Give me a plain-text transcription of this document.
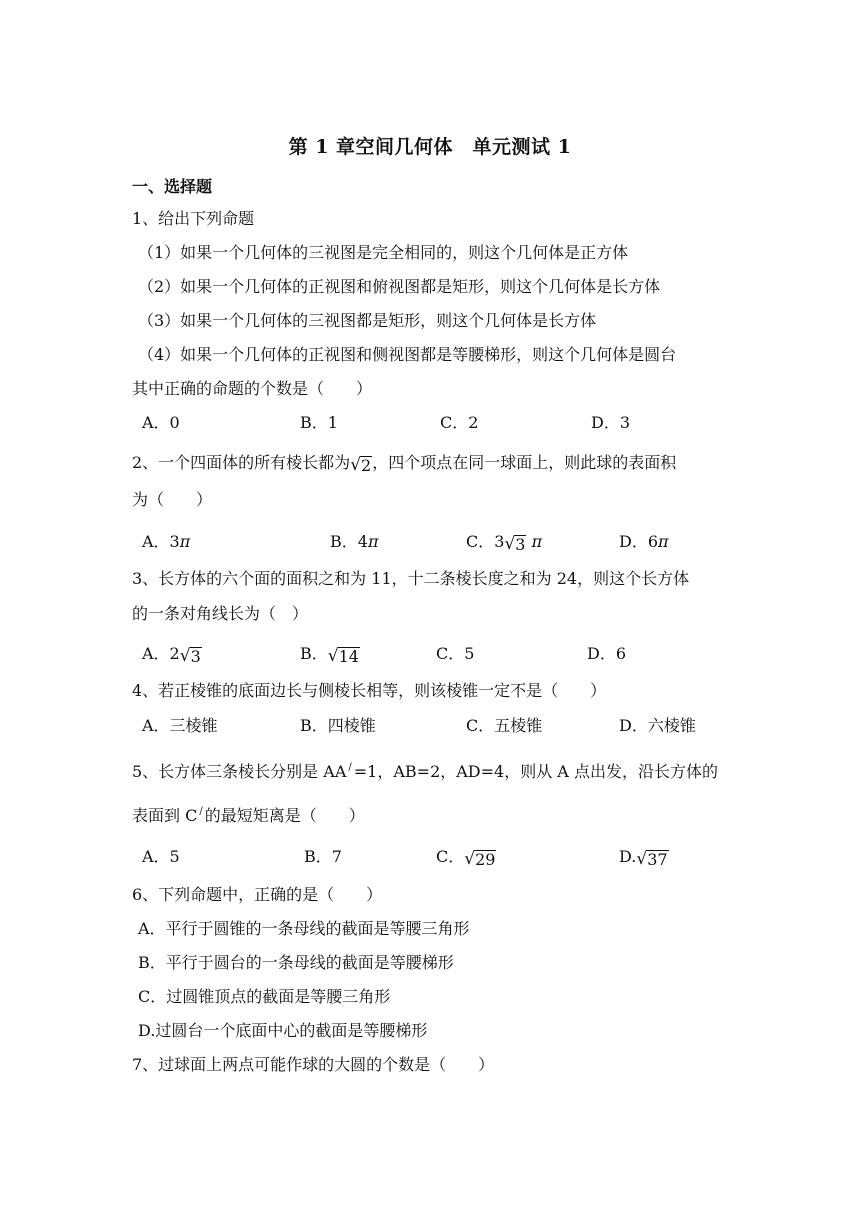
第 1 章空间几何体　单元测试 1
一、选择题
1、给出下列命题
（1）如果一个几何体的三视图是完全相同的，则这个几何体是正方体
（2）如果一个几何体的正视图和俯视图都是矩形，则这个几何体是长方体
（3）如果一个几何体的三视图都是矩形，则这个几何体是长方体
（4）如果一个几何体的正视图和侧视图都是等腰梯形，则这个几何体是圆台
其中正确的命题的个数是（　　）
A．0	B．1	C．2	D．3
2、一个四面体的所有棱长都为 √ 2 ，四个项点在同一球面上，则此球的表面积
为（　　）
A．3π	B．4π	C．3 √ 3 π	D．6π
3、长方体的六个面的面积之和为 11，十二条棱长度之和为 24，则这个长方体
的一条对角线长为（　）
A．2 √ 3	B． √ 14	C．5	D．6
4、若正棱锥的底面边长与侧棱长相等，则该棱锥一定不是（　　）
A．三棱锥	B．四棱锥	C．五棱锥	D．六棱锥
5、长方体三条棱长分别是 AA / =1，AB=2，AD=4，则从 A 点出发，沿长方体的
表面到 C / 的最短矩离是（　　）
A．5	B．7	C． √ 29	D. √ 37
6、下列命题中，正确的是（　　）
A．平行于圆锥的一条母线的截面是等腰三角形
B．平行于圆台的一条母线的截面是等腰梯形
C．过圆锥顶点的截面是等腰三角形
D.过圆台一个底面中心的截面是等腰梯形
7、过球面上两点可能作球的大圆的个数是（　　）
